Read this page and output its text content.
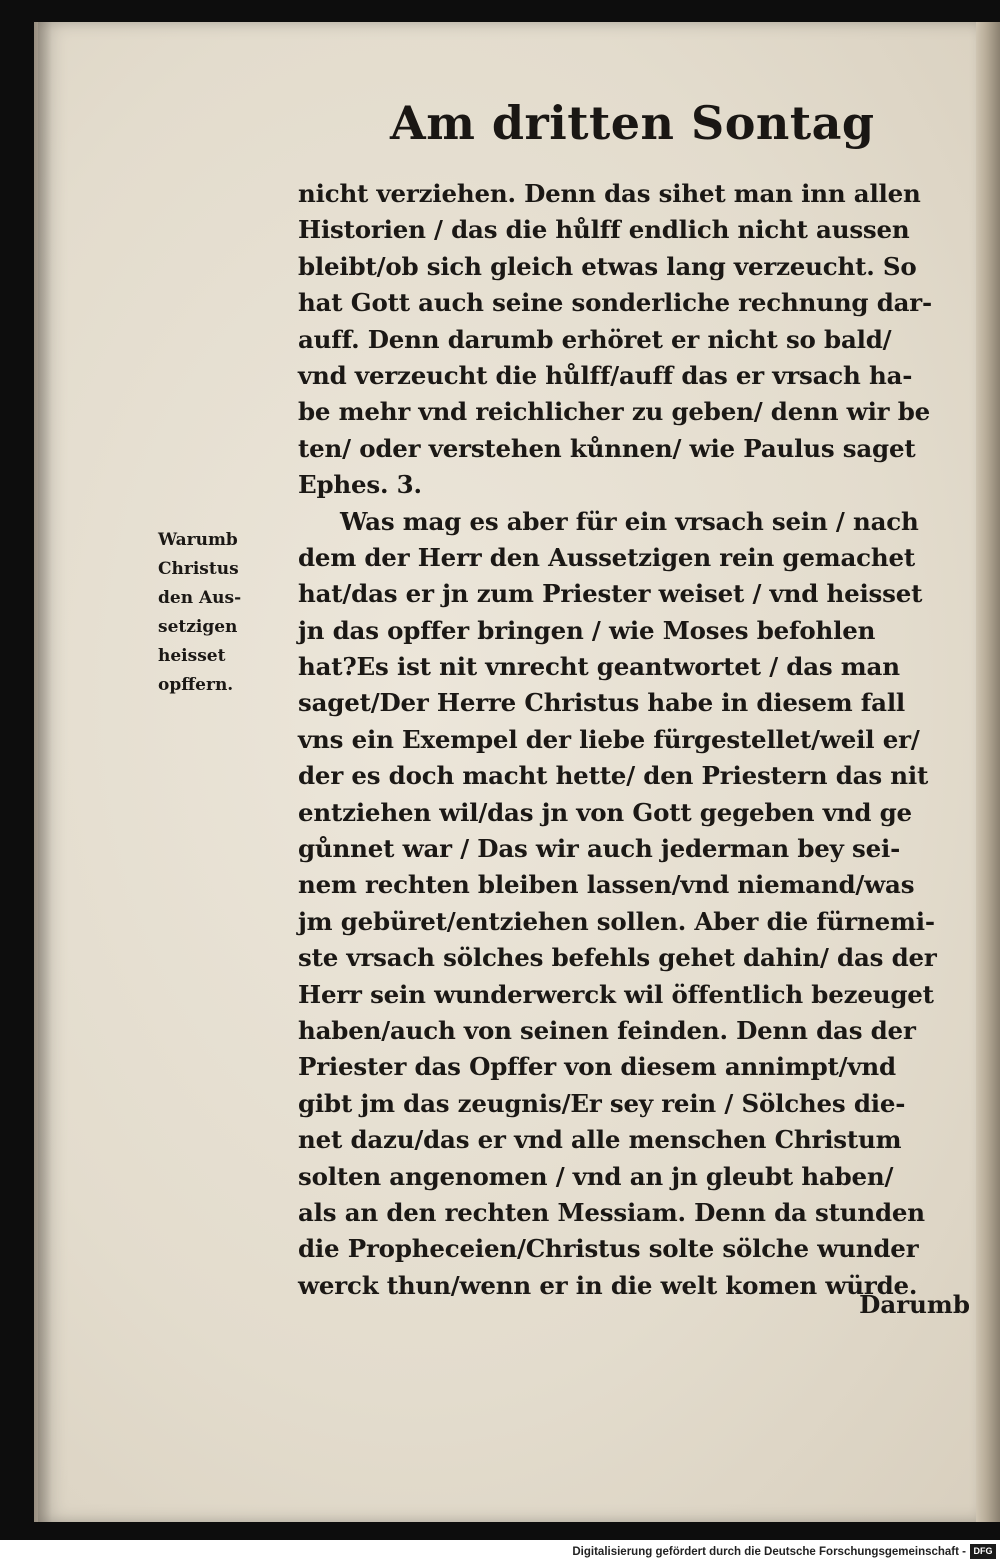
Am dritten Sontag
Warumb
Christus
den Aus-
setzigen
heisset
opffern.
nicht verziehen. Denn das sihet man inn allen
Historien / das die hůlff endlich nicht aussen
bleibt/ob sich gleich etwas lang verzeucht. So
hat Gott auch seine sonderliche rechnung dar-
auff. Denn darumb erhöret er nicht so bald/
vnd verzeucht die hůlff/auff das er vrsach ha-
be mehr vnd reichlicher zu geben/ denn wir be
ten/ oder verstehen kůnnen/ wie Paulus saget
Ephes. 3.
Was mag es aber für ein vrsach sein / nach
dem der Herr den Aussetzigen rein gemachet
hat/das er jn zum Priester weiset / vnd heisset
jn das opffer bringen / wie Moses befohlen
hat?Es ist nit vnrecht geantwortet / das man
saget/Der Herre Christus habe in diesem fall
vns ein Exempel der liebe fürgestellet/weil er/
der es doch macht hette/ den Priestern das nit
entziehen wil/das jn von Gott gegeben vnd ge
gůnnet war / Das wir auch jederman bey sei-
nem rechten bleiben lassen/vnd niemand/was
jm gebüret/entziehen sollen. Aber die fürnemi-
ste vrsach sölches befehls gehet dahin/ das der
Herr sein wunderwerck wil öffentlich bezeuget
haben/auch von seinen feinden. Denn das der
Priester das Opffer von diesem annimpt/vnd
gibt jm das zeugnis/Er sey rein / Sölches die-
net dazu/das er vnd alle menschen Christum
solten angenomen / vnd an jn gleubt haben/
als an den rechten Messiam. Denn da stunden
die Propheceien/Christus solte sölche wunder
werck thun/wenn er in die welt komen würde.

Darumb

Digitalisierung gefördert durch die Deutsche Forschungsgemeinschaft - DFG
